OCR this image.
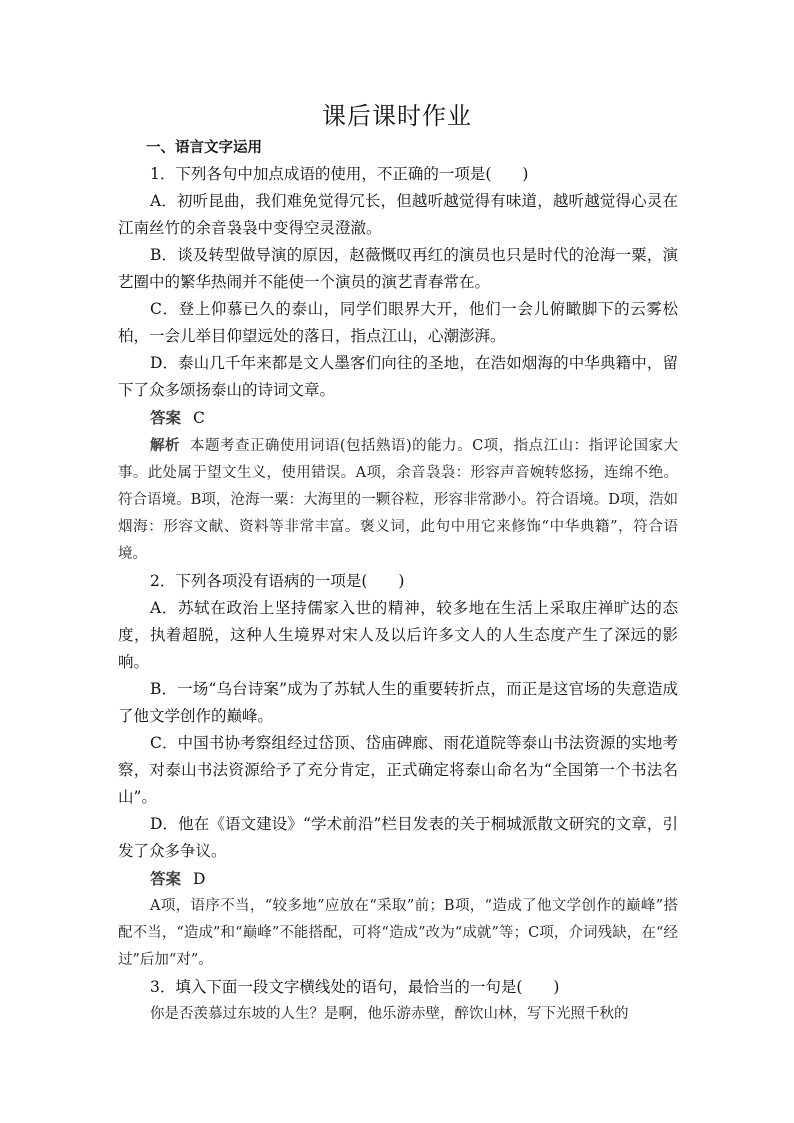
课后课时作业

一、语言文字运用

1．下列各句中加点成语的使用，不正确的一项是(　　)

A．初听昆曲，我们难免觉得冗长，但越听越觉得有味道，越听越觉得心灵在江南丝竹的余音袅袅中变得空灵澄澈。

B．谈及转型做导演的原因，赵薇慨叹再红的演员也只是时代的沧海一粟，演艺圈中的繁华热闹并不能使一个演员的演艺青春常在。

C．登上仰慕已久的泰山，同学们眼界大开，他们一会儿俯瞰脚下的云雾松柏，一会儿举目仰望远处的落日，指点江山，心潮澎湃。

D．泰山几千年来都是文人墨客们向往的圣地，在浩如烟海的中华典籍中，留下了众多颂扬泰山的诗词文章。

答案 C

解析 本题考查正确使用词语(包括熟语)的能力。C项，指点江山：指评论国家大事。此处属于望文生义，使用错误。A项，余音袅袅：形容声音婉转悠扬，连绵不绝。符合语境。B项，沧海一粟：大海里的一颗谷粒，形容非常渺小。符合语境。D项，浩如烟海：形容文献、资料等非常丰富。褒义词，此句中用它来修饰“中华典籍”，符合语境。

2．下列各项没有语病的一项是(　　)

A．苏轼在政治上坚持儒家入世的精神，较多地在生活上采取庄禅旷达的态度，执着超脱，这种人生境界对宋人及以后许多文人的人生态度产生了深远的影响。

B．一场“乌台诗案”成为了苏轼人生的重要转折点，而正是这官场的失意造成了他文学创作的巅峰。

C．中国书协考察组经过岱顶、岱庙碑廊、雨花道院等泰山书法资源的实地考察，对泰山书法资源给予了充分肯定，正式确定将泰山命名为“全国第一个书法名山”。

D．他在《语文建设》“学术前沿”栏目发表的关于桐城派散文研究的文章，引发了众多争议。

答案 D

A项，语序不当，“较多地”应放在“采取”前；B项，“造成了他文学创作的巅峰”搭配不当，“造成”和“巅峰”不能搭配，可将“造成”改为“成就”等；C项，介词残缺，在“经过”后加“对”。

3．填入下面一段文字横线处的语句，最恰当的一句是(　　)

你是否羡慕过东坡的人生？是啊，他乐游赤壁，醉饮山林，写下光照千秋的
